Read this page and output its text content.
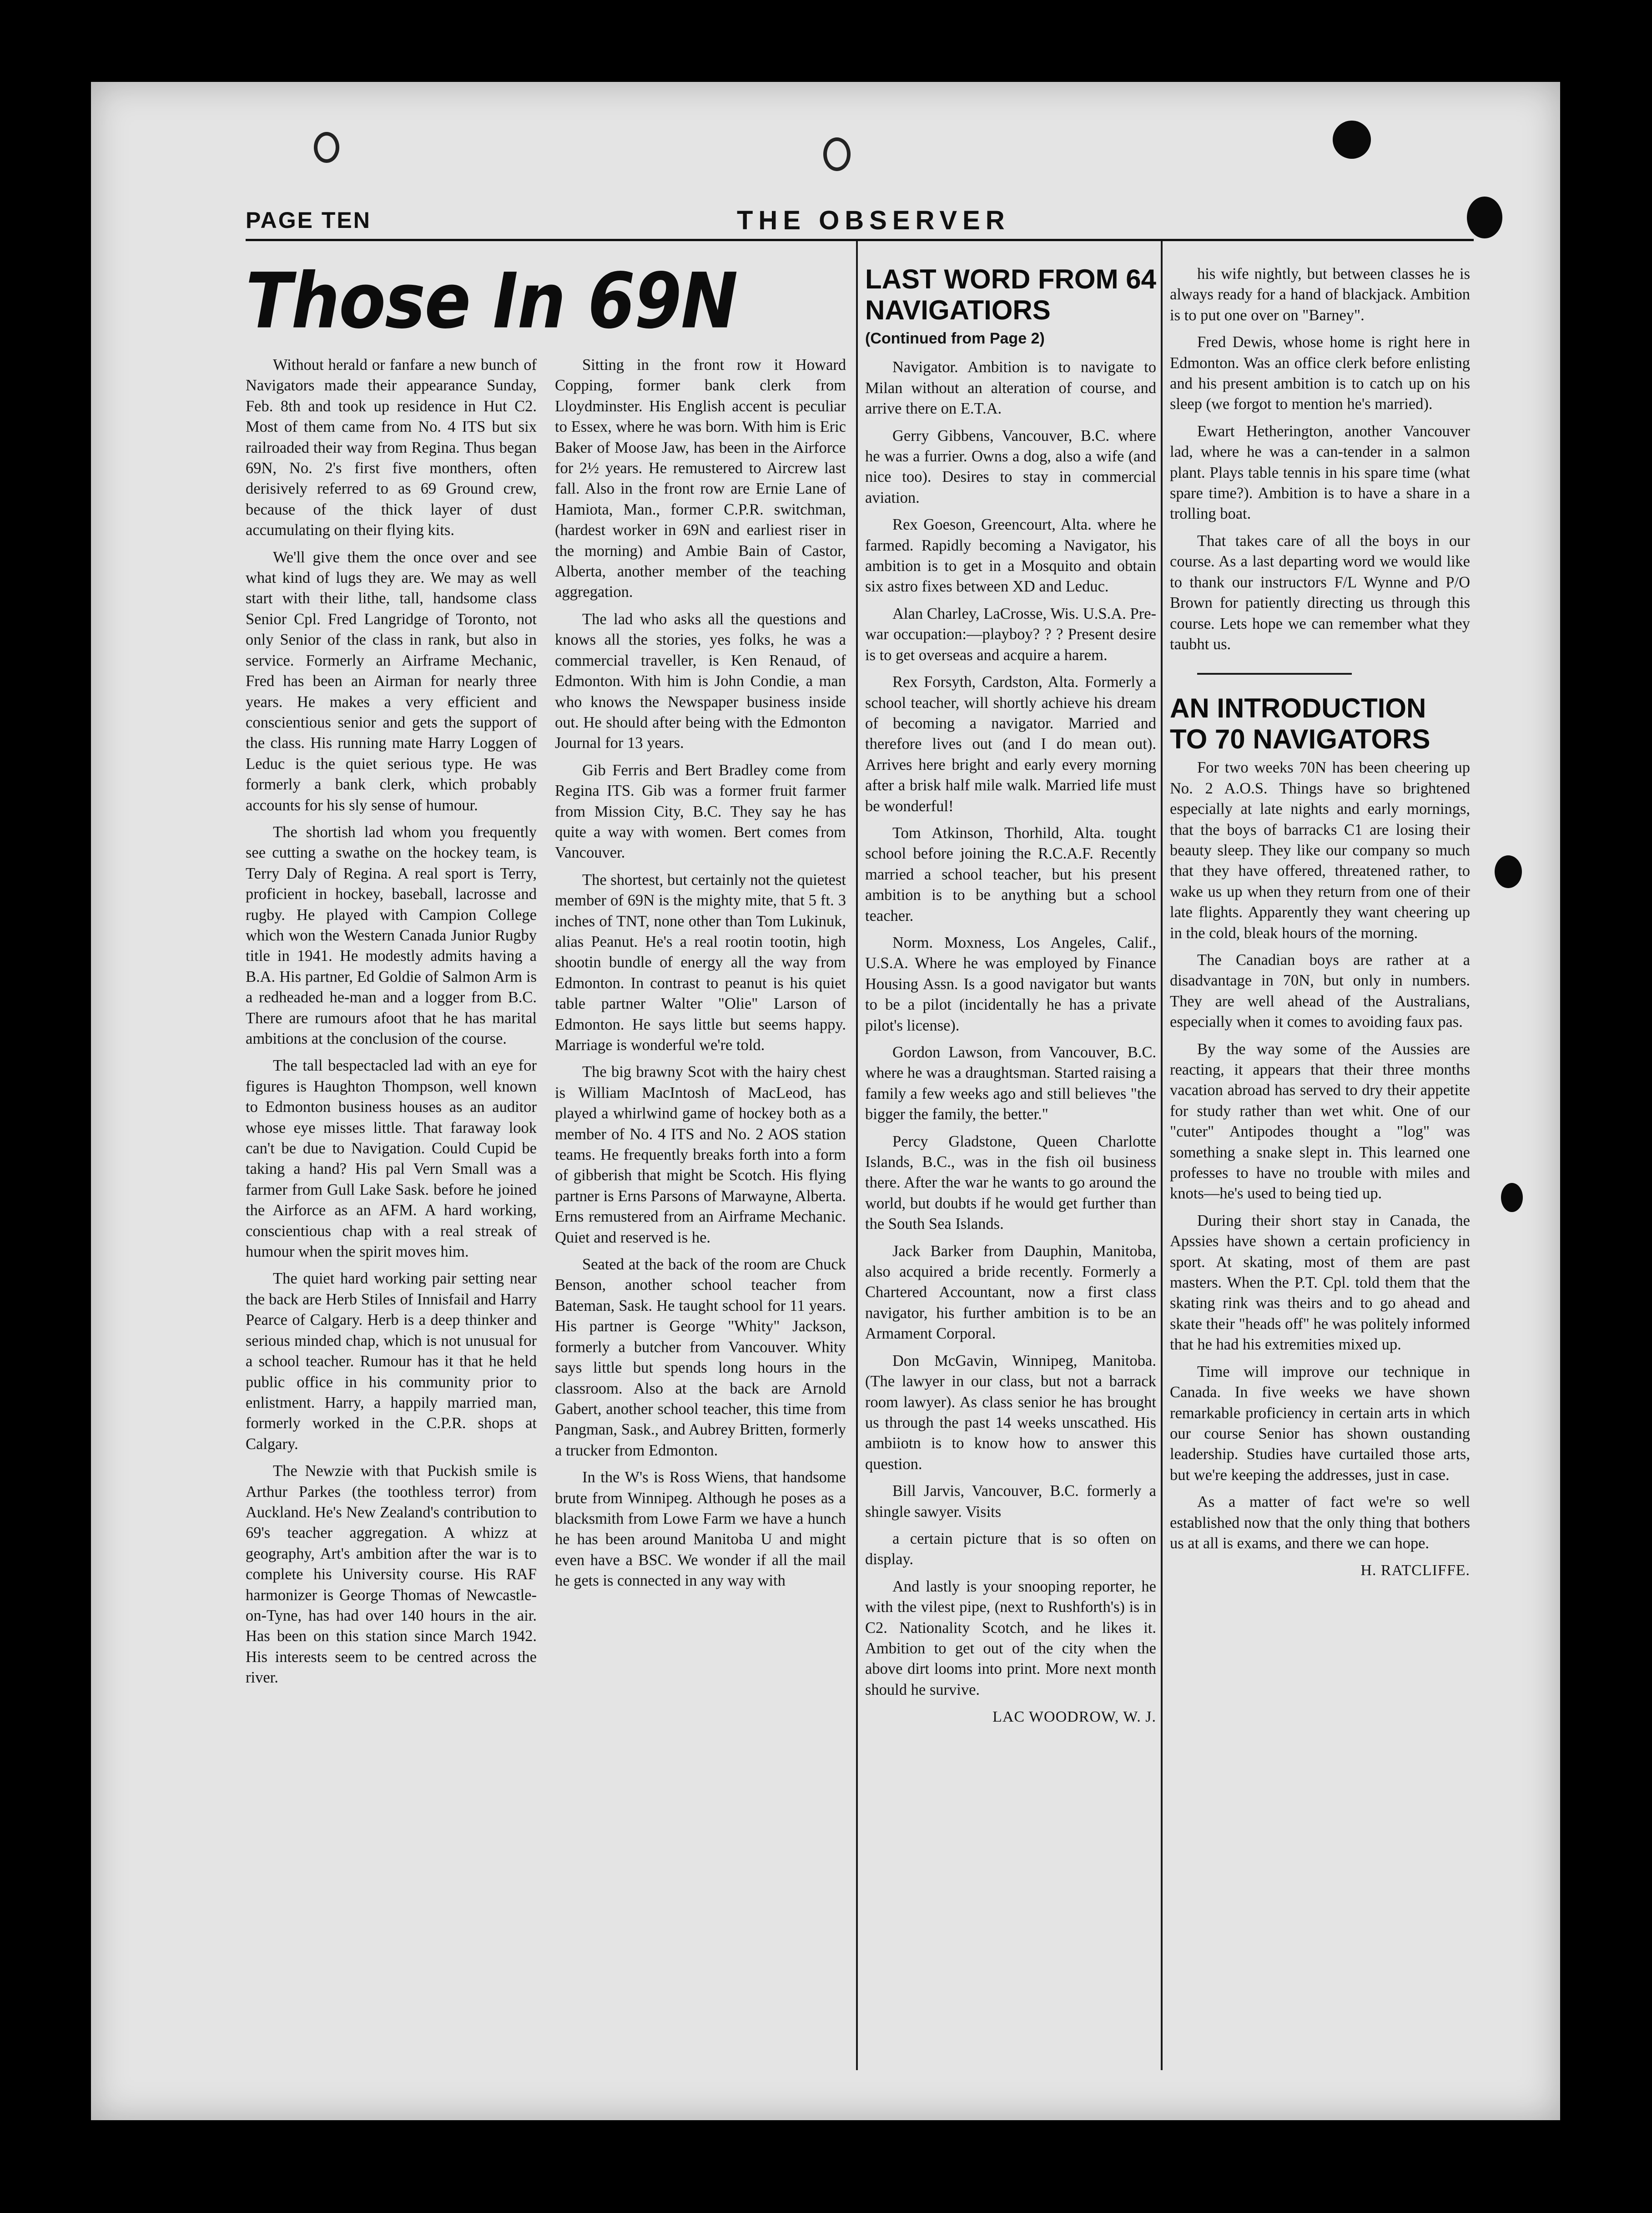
PAGE TEN	THE OBSERVER
Those In 69N

Without herald or fanfare a new bunch of Navigators made their appearance Sunday, Feb. 8th and took up residence in Hut C2. Most of them came from No. 4 ITS but six railroaded their way from Regina. Thus began 69N, No. 2's first five monthers, often derisively referred to as 69 Ground crew, because of the thick layer of dust accumulating on their flying kits.

We'll give them the once over and see what kind of lugs they are. We may as well start with their lithe, tall, handsome class Senior Cpl. Fred Langridge of Toronto, not only Senior of the class in rank, but also in service. Formerly an Airframe Mechanic, Fred has been an Airman for nearly three years. He makes a very efficient and conscientious senior and gets the support of the class. His running mate Harry Loggen of Leduc is the quiet serious type. He was formerly a bank clerk, which probably accounts for his sly sense of humour.

The shortish lad whom you frequently see cutting a swathe on the hockey team, is Terry Daly of Regina. A real sport is Terry, proficient in hockey, baseball, lacrosse and rugby. He played with Campion College which won the Western Canada Junior Rugby title in 1941. He modestly admits having a B.A. His partner, Ed Goldie of Salmon Arm is a redheaded he-man and a logger from B.C. There are rumours afoot that he has marital ambitions at the conclusion of the course.

The tall bespectacled lad with an eye for figures is Haughton Thompson, well known to Edmonton business houses as an auditor whose eye misses little. That faraway look can't be due to Navigation. Could Cupid be taking a hand? His pal Vern Small was a farmer from Gull Lake Sask. before he joined the Airforce as an AFM. A hard working, conscientious chap with a real streak of humour when the spirit moves him.

The quiet hard working pair setting near the back are Herb Stiles of Innisfail and Harry Pearce of Calgary. Herb is a deep thinker and serious minded chap, which is not unusual for a school teacher. Rumour has it that he held public office in his community prior to enlistment. Harry, a happily married man, formerly worked in the C.P.R. shops at Calgary.

The Newzie with that Puckish smile is Arthur Parkes (the toothless terror) from Auckland. He's New Zealand's contribution to 69's teacher aggregation. A whizz at geography, Art's ambition after the war is to complete his University course. His RAF harmonizer is George Thomas of Newcastle-on-Tyne, has had over 140 hours in the air. Has been on this station since March 1942. His interests seem to be centred across the river.

Sitting in the front row it Howard Copping, former bank clerk from Lloydminster. His English accent is peculiar to Essex, where he was born. With him is Eric Baker of Moose Jaw, has been in the Airforce for 2½ years. He remustered to Aircrew last fall. Also in the front row are Ernie Lane of Hamiota, Man., former C.P.R. switchman, (hardest worker in 69N and earliest riser in the morning) and Ambie Bain of Castor, Alberta, another member of the teaching aggregation.

The lad who asks all the questions and knows all the stories, yes folks, he was a commercial traveller, is Ken Renaud, of Edmonton. With him is John Condie, a man who knows the Newspaper business inside out. He should after being with the Edmonton Journal for 13 years.

Gib Ferris and Bert Bradley come from Regina ITS. Gib was a former fruit farmer from Mission City, B.C. They say he has quite a way with women. Bert comes from Vancouver.

The shortest, but certainly not the quietest member of 69N is the mighty mite, that 5 ft. 3 inches of TNT, none other than Tom Lukinuk, alias Peanut. He's a real rootin tootin, high shootin bundle of energy all the way from Edmonton. In contrast to peanut is his quiet table partner Walter "Olie" Larson of Edmonton. He says little but seems happy. Marriage is wonderful we're told.

The big brawny Scot with the hairy chest is William MacIntosh of MacLeod, has played a whirlwind game of hockey both as a member of No. 4 ITS and No. 2 AOS station teams. He frequently breaks forth into a form of gibberish that might be Scotch. His flying partner is Erns Parsons of Marwayne, Alberta. Erns remustered from an Airframe Mechanic. Quiet and reserved is he.

Seated at the back of the room are Chuck Benson, another school teacher from Bateman, Sask. He taught school for 11 years. His partner is George "Whity" Jackson, formerly a butcher from Vancouver. Whity says little but spends long hours in the classroom. Also at the back are Arnold Gabert, another school teacher, this time from Pangman, Sask., and Aubrey Britten, formerly a trucker from Edmonton.

In the W's is Ross Wiens, that handsome brute from Winnipeg. Although he poses as a blacksmith from Lowe Farm we have a hunch he has been around Manitoba U and might even have a BSC. We wonder if all the mail he gets is connected in any way with

LAST WORD FROM 64 NAVIGATIORS
(Continued from Page 2)

Navigator. Ambition is to navigate to Milan without an alteration of course, and arrive there on E.T.A.

Gerry Gibbens, Vancouver, B.C. where he was a furrier. Owns a dog, also a wife (and nice too). Desires to stay in commercial aviation.

Rex Goeson, Greencourt, Alta. where he farmed. Rapidly becoming a Navigator, his ambition is to get in a Mosquito and obtain six astro fixes between XD and Leduc.

Alan Charley, LaCrosse, Wis. U.S.A. Pre-war occupation:—playboy? ? ? Present desire is to get overseas and acquire a harem.

Rex Forsyth, Cardston, Alta. Formerly a school teacher, will shortly achieve his dream of becoming a navigator. Married and therefore lives out (and I do mean out). Arrives here bright and early every morning after a brisk half mile walk. Married life must be wonderful!

Tom Atkinson, Thorhild, Alta. tought school before joining the R.C.A.F. Recently married a school teacher, but his present ambition is to be anything but a school teacher.

Norm. Moxness, Los Angeles, Calif., U.S.A. Where he was employed by Finance Housing Assn. Is a good navigator but wants to be a pilot (incidentally he has a private pilot's license).

Gordon Lawson, from Vancouver, B.C. where he was a draughtsman. Started raising a family a few weeks ago and still believes "the bigger the family, the better."

Percy Gladstone, Queen Charlotte Islands, B.C., was in the fish oil business there. After the war he wants to go around the world, but doubts if he would get further than the South Sea Islands.

Jack Barker from Dauphin, Manitoba, also acquired a bride recently. Formerly a Chartered Accountant, now a first class navigator, his further ambition is to be an Armament Corporal.

Don McGavin, Winnipeg, Manitoba. (The lawyer in our class, but not a barrack room lawyer). As class senior he has brought us through the past 14 weeks unscathed. His ambiiotn is to know how to answer this question.

Bill Jarvis, Vancouver, B.C. formerly a shingle sawyer. Visits

a certain picture that is so often on display.

And lastly is your snooping reporter, he with the vilest pipe, (next to Rushforth's) is in C2. Nationality Scotch, and he likes it. Ambition to get out of the city when the above dirt looms into print. More next month should he survive.

LAC WOODROW, W. J.

his wife nightly, but between classes he is always ready for a hand of blackjack. Ambition is to put one over on "Barney".

Fred Dewis, whose home is right here in Edmonton. Was an office clerk before enlisting and his present ambition is to catch up on his sleep (we forgot to mention he's married).

Ewart Hetherington, another Vancouver lad, where he was a can-tender in a salmon plant. Plays table tennis in his spare time (what spare time?). Ambition is to have a share in a trolling boat.

That takes care of all the boys in our course. As a last departing word we would like to thank our instructors F/L Wynne and P/O Brown for patiently directing us through this course. Lets hope we can remember what they taubht us.

AN INTRODUCTION TO 70 NAVIGATORS

For two weeks 70N has been cheering up No. 2 A.O.S. Things have so brightened especially at late nights and early mornings, that the boys of barracks C1 are losing their beauty sleep. They like our company so much that they have offered, threatened rather, to wake us up when they return from one of their late flights. Apparently they want cheering up in the cold, bleak hours of the morning.

The Canadian boys are rather at a disadvantage in 70N, but only in numbers. They are well ahead of the Australians, especially when it comes to avoiding faux pas.

By the way some of the Aussies are reacting, it appears that their three months vacation abroad has served to dry their appetite for study rather than wet whit. One of our "cuter" Antipodes thought a "log" was something a snake slept in. This learned one professes to have no trouble with miles and knots—he's used to being tied up.

During their short stay in Canada, the Apssies have shown a certain proficiency in sport. At skating, most of them are past masters. When the P.T. Cpl. told them that the skating rink was theirs and to go ahead and skate their "heads off" he was politely informed that he had his extremities mixed up.

Time will improve our technique in Canada. In five weeks we have shown remarkable proficiency in certain arts in which our course Senior has shown oustanding leadership. Studies have curtailed those arts, but we're keeping the addresses, just in case.

As a matter of fact we're so well established now that the only thing that bothers us at all is exams, and there we can hope.

H. RATCLIFFE.
